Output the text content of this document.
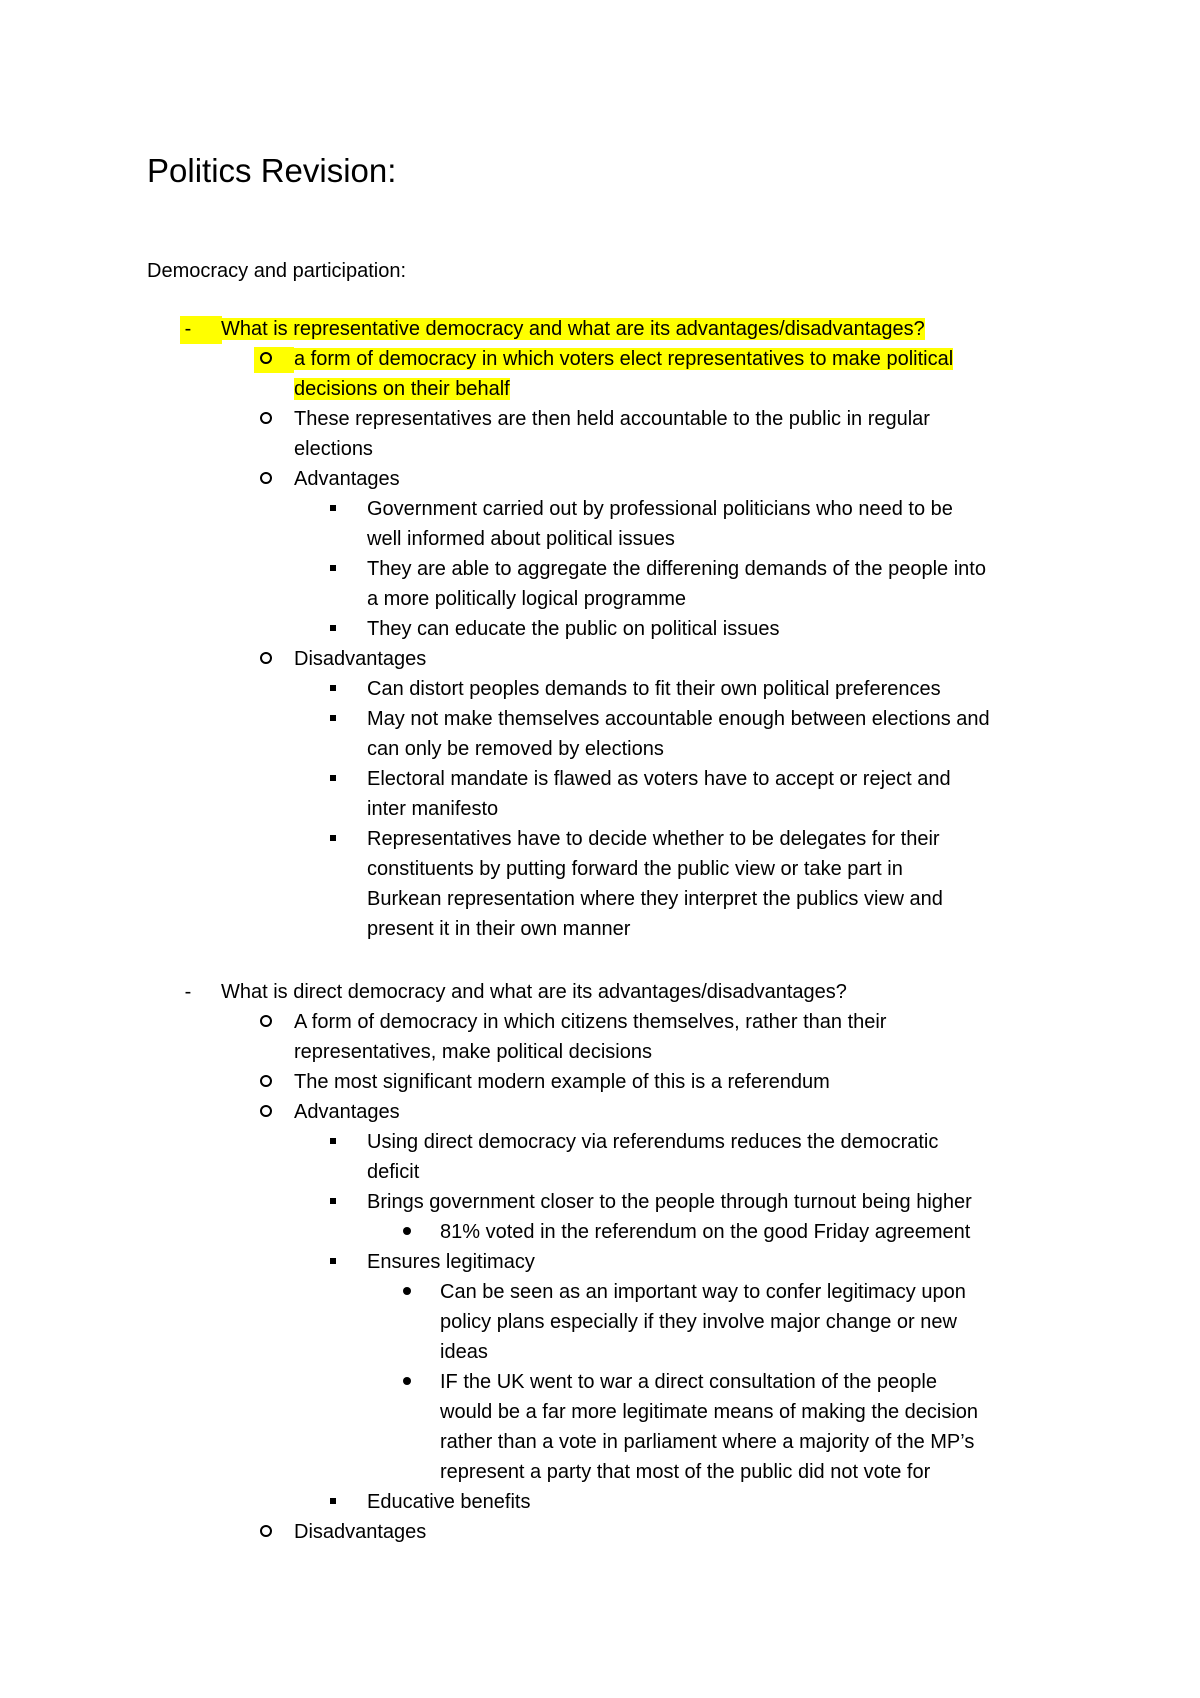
Politics Revision:
Democracy and participation:
- What is representative democracy and what are its advantages/disadvantages?
a form of democracy in which voters elect representatives to make political
decisions on their behalf
These representatives are then held accountable to the public in regular
elections
Advantages
Government carried out by professional politicians who need to be
well informed about political issues
They are able to aggregate the differening demands of the people into
a more politically logical programme
They can educate the public on political issues
Disadvantages
Can distort peoples demands to fit their own political preferences
May not make themselves accountable enough between elections and
can only be removed by elections
Electoral mandate is flawed as voters have to accept or reject and
inter manifesto
Representatives have to decide whether to be delegates for their
constituents by putting forward the public view or take part in
Burkean representation where they interpret the publics view and
present it in their own manner
- What is direct democracy and what are its advantages/disadvantages?
A form of democracy in which citizens themselves, rather than their
representatives, make political decisions
The most significant modern example of this is a referendum
Advantages
Using direct democracy via referendums reduces the democratic
deficit
Brings government closer to the people through turnout being higher
81% voted in the referendum on the good Friday agreement
Ensures legitimacy
Can be seen as an important way to confer legitimacy upon
policy plans especially if they involve major change or new
ideas
IF the UK went to war a direct consultation of the people
would be a far more legitimate means of making the decision
rather than a vote in parliament where a majority of the MP’s
represent a party that most of the public did not vote for
Educative benefits
Disadvantages
